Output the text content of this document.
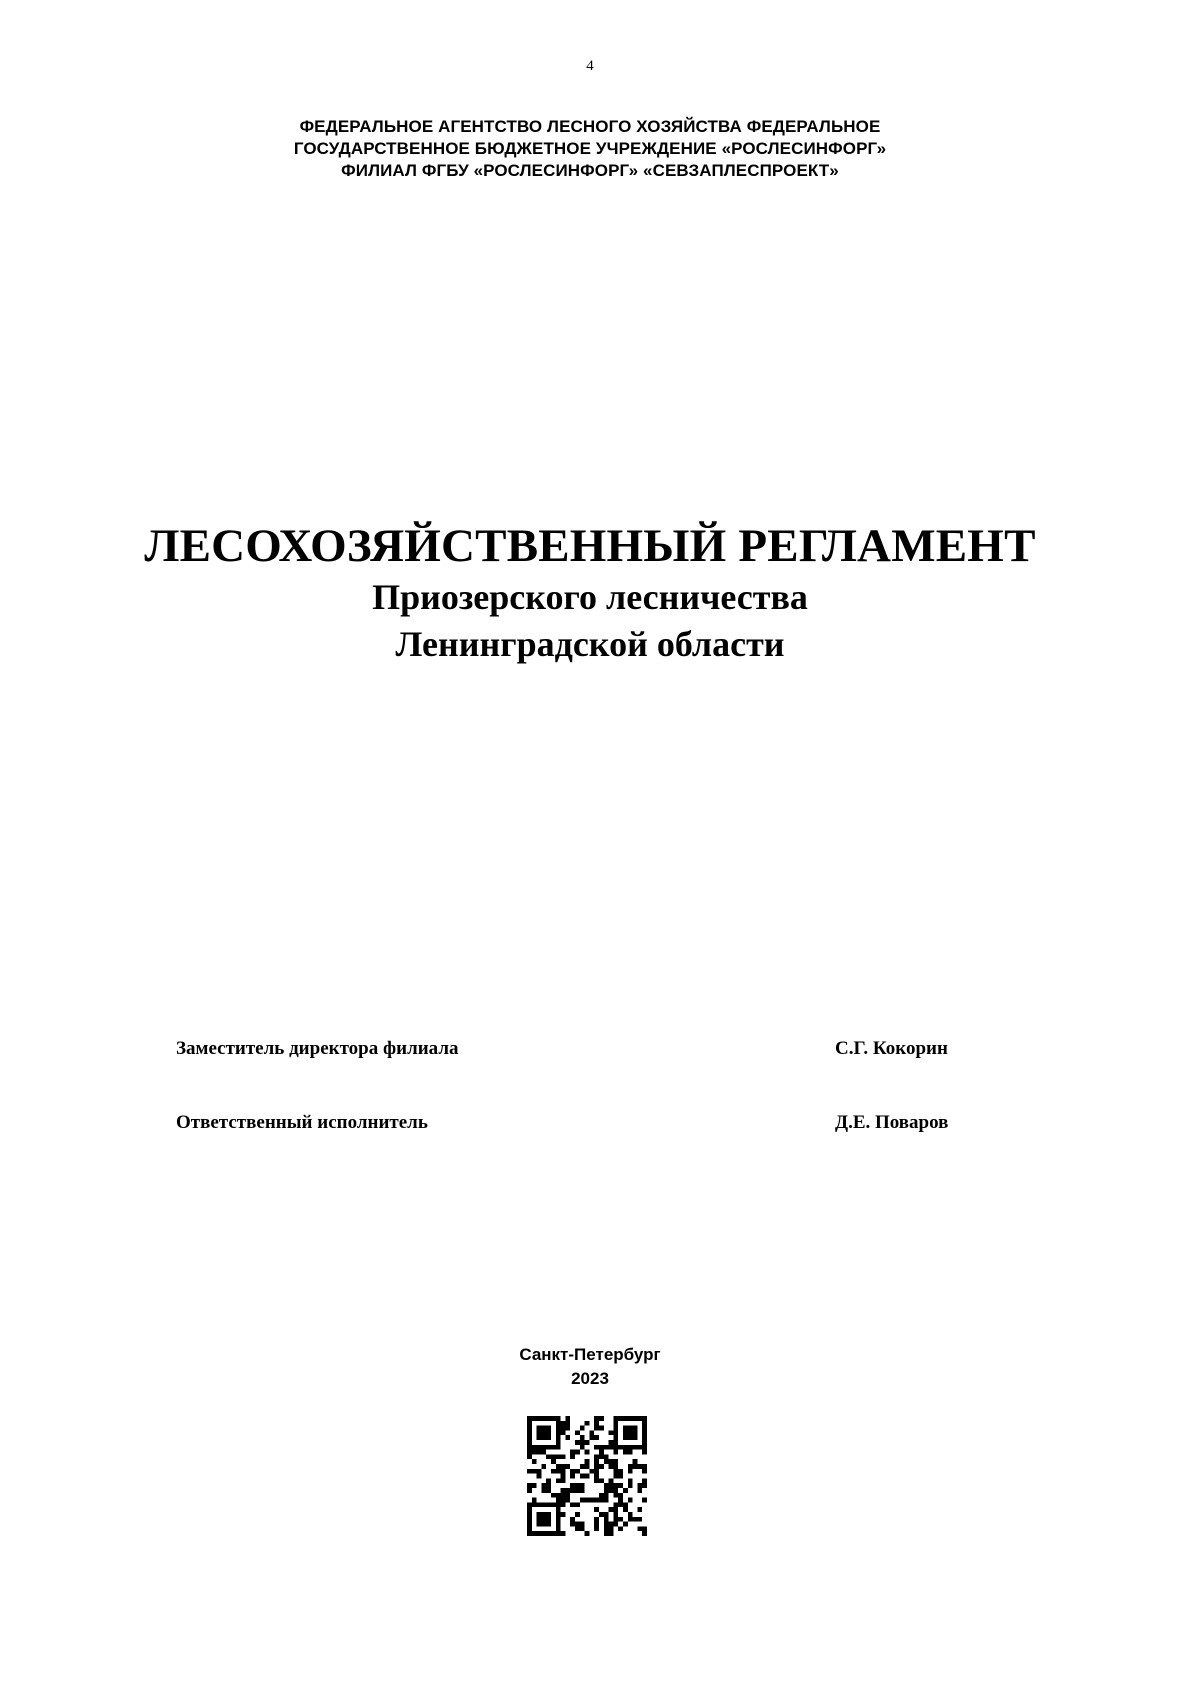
4
ФЕДЕРАЛЬНОЕ АГЕНТСТВО ЛЕСНОГО ХОЗЯЙСТВА ФЕДЕРАЛЬНОЕ
ГОСУДАРСТВЕННОЕ БЮДЖЕТНОЕ УЧРЕЖДЕНИЕ «РОСЛЕСИНФОРГ»
ФИЛИАЛ ФГБУ «РОСЛЕСИНФОРГ» «СЕВЗАПЛЕСПРОЕКТ»
ЛЕСОХОЗЯЙСТВЕННЫЙ РЕГЛАМЕНТ
Приозерского лесничества
Ленинградской области
Заместитель директора филиала	С.Г. Кокорин
Ответственный исполнитель	Д.Е. Поваров
Санкт-Петербург
2023
